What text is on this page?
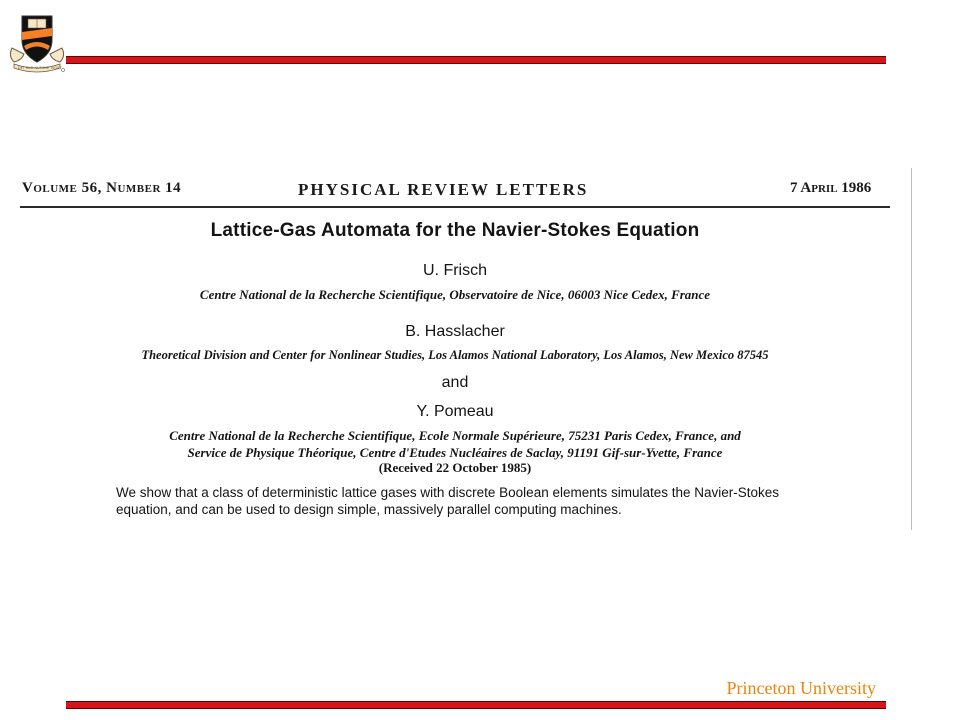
DEI SUB NUMINE VIGET
Volume 56, Number 14	PHYSICAL REVIEW LETTERS	7 April 1986
Lattice-Gas Automata for the Navier-Stokes Equation
U. Frisch
Centre National de la Recherche Scientifique, Observatoire de Nice, 06003 Nice Cedex, France
B. Hasslacher
Theoretical Division and Center for Nonlinear Studies, Los Alamos National Laboratory, Los Alamos, New Mexico 87545
and
Y. Pomeau
Centre National de la Recherche Scientifique, Ecole Normale Supérieure, 75231 Paris Cedex, France, and
Service de Physique Théorique, Centre d'Etudes Nucléaires de Saclay, 91191 Gif-sur-Yvette, France
(Received 22 October 1985)
We show that a class of deterministic lattice gases with discrete Boolean elements simulates the Navier-Stokes equation, and can be used to design simple, massively parallel computing machines.
Princeton University
